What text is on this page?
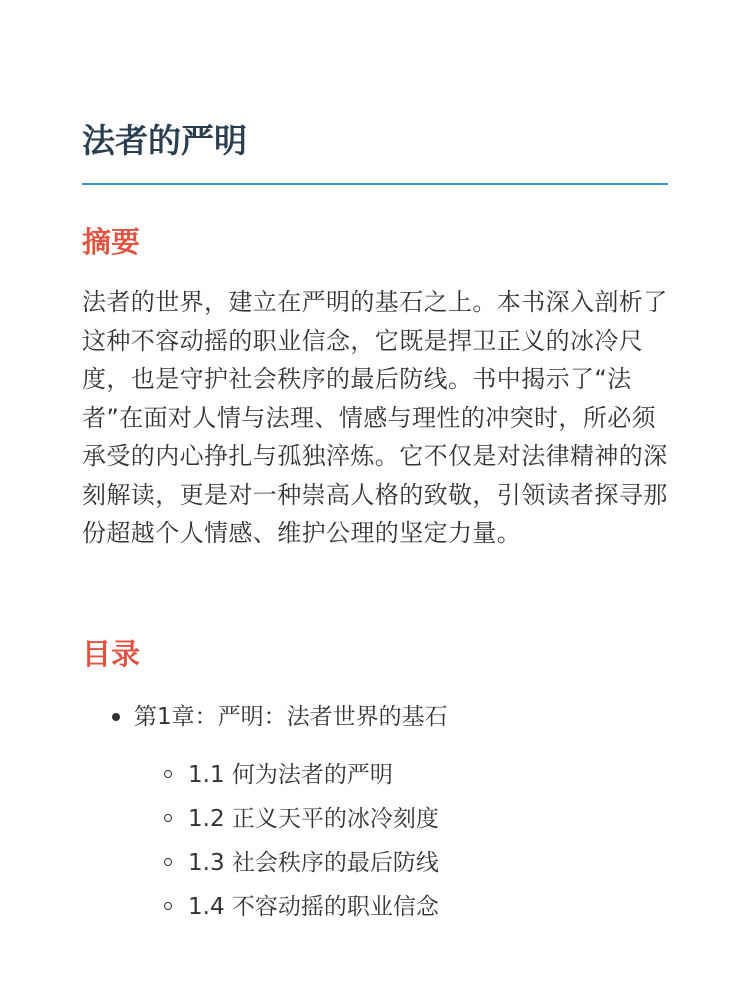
法者的严明
摘要

法者的世界，建立在严明的基石之上。本书深入剖析了这种不容动摇的职业信念，它既是捍卫正义的冰冷尺度，也是守护社会秩序的最后防线。书中揭示了“法者”在面对人情与法理、情感与理性的冲突时，所必须承受的内心挣扎与孤独淬炼。它不仅是对法律精神的深刻解读，更是对一种崇高人格的致敬，引领读者探寻那份超越个人情感、维护公理的坚定力量。

目录
第1章：严明：法者世界的基石
1.1 何为法者的严明
1.2 正义天平的冰冷刻度
1.3 社会秩序的最后防线
1.4 不容动摇的职业信念
